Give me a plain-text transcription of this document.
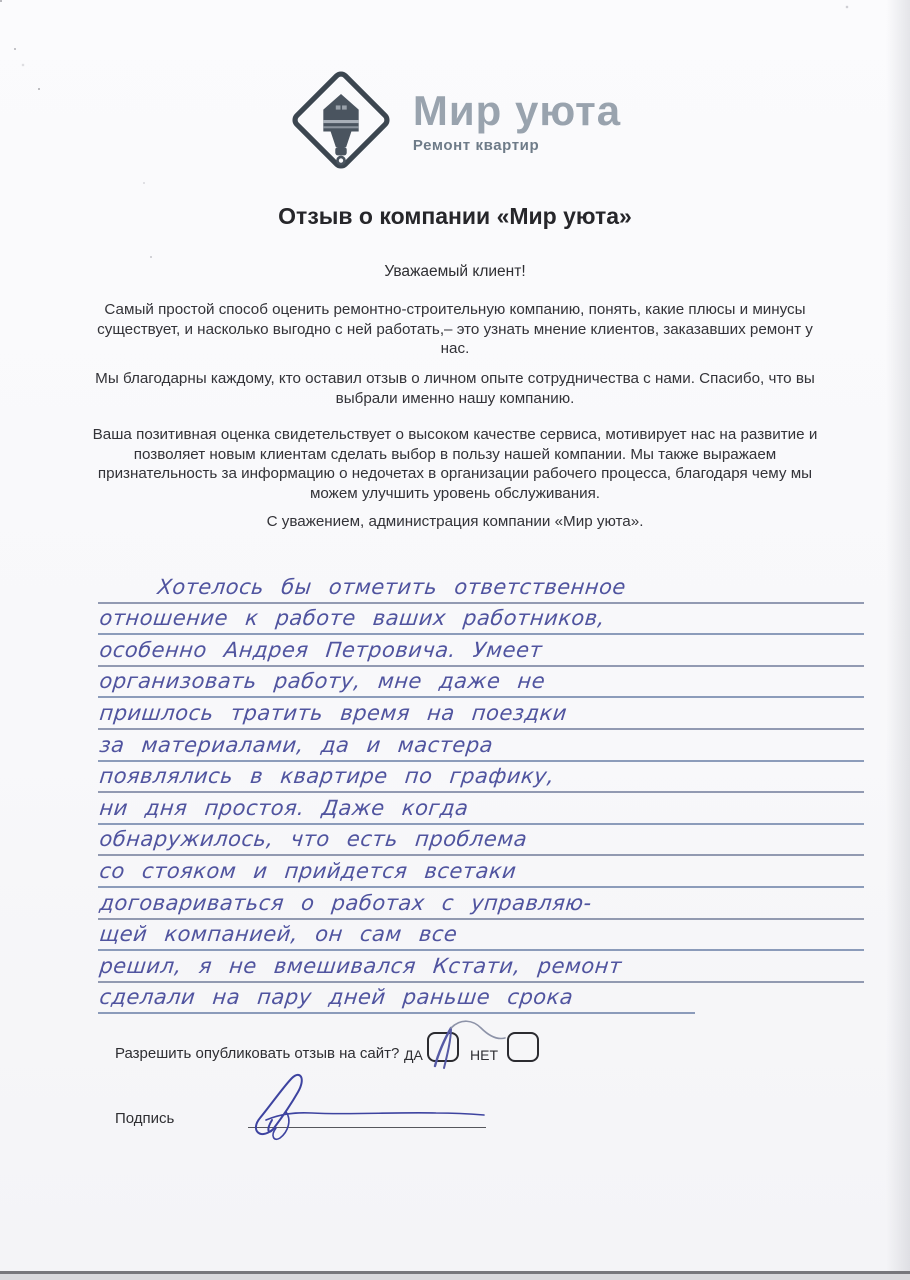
Мир уюта
Ремонт квартир
Отзыв о компании «Мир уюта»
Уважаемый клиент!
Самый простой способ оценить ремонтно-строительную компанию, понять, какие плюсы и минусы существует, и насколько выгодно с ней работать,– это узнать мнение клиентов, заказавших ремонт у нас.
Мы благодарны каждому, кто оставил отзыв о личном опыте сотрудничества с нами. Спасибо, что вы выбрали именно нашу компанию.
Ваша позитивная оценка свидетельствует о высоком качестве сервиса, мотивирует нас на развитие и позволяет новым клиентам сделать выбор в пользу нашей компании. Мы также выражаем признательность за информацию о недочетах в организации рабочего процесса, благодаря чему мы можем улучшить уровень обслуживания.
С уважением, администрация компании «Мир уюта».
Хотелось бы отметить ответственное
отношение к работе ваших работников,
особенно Андрея Петровича. Умеет
организовать работу, мне даже не
пришлось тратить время на поездки
за материалами, да и мастера
появлялись в квартире по графику,
ни дня простоя. Даже когда
обнаружилось, что есть проблема
со стояком и прийдется всетаки
договариваться о работах с управляю-
щей компанией, он сам все
решил, я не вмешивался Кстати, ремонт
сделали на пару дней раньше срока
Разрешить опубликовать отзыв на сайт? ДА	НЕТ
Подпись
